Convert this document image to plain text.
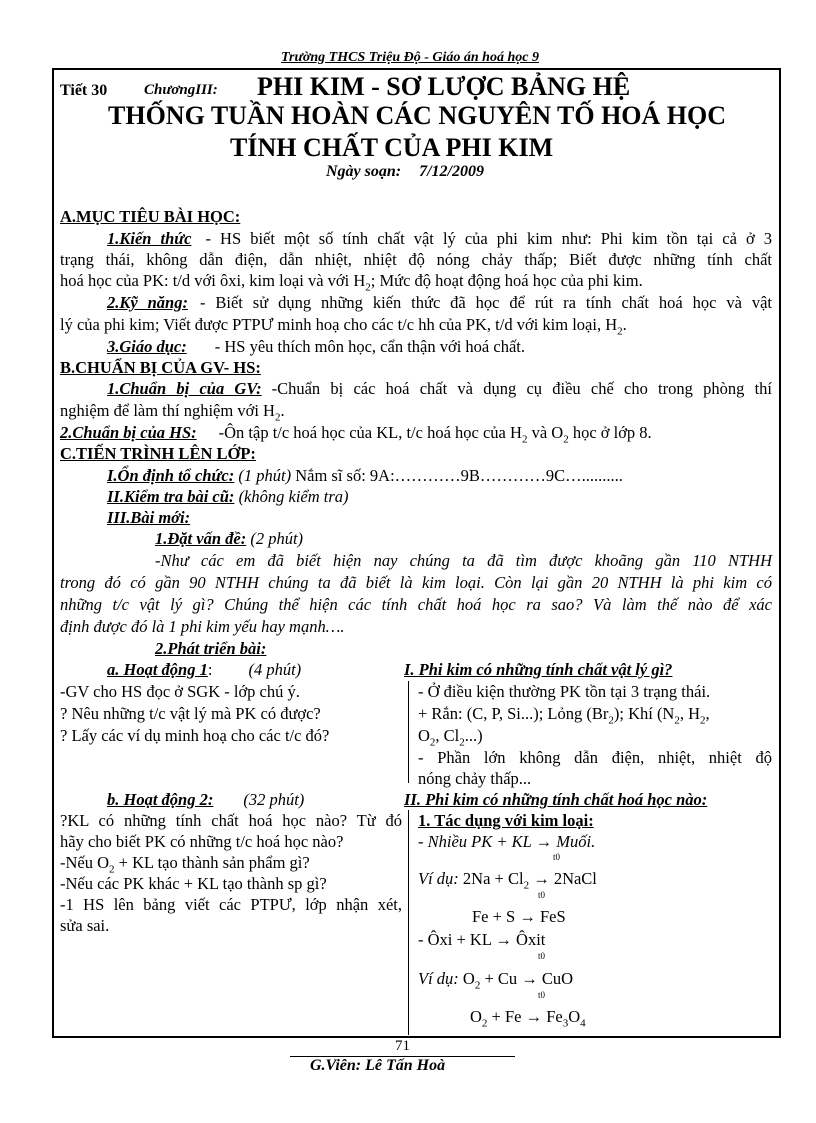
Trường THCS Triệu Độ - Giáo án hoá học 9
Tiết 30 ChươngIII: PHI KIM - SƠ LƯỢC BẢNG HỆ
THỐNG TUẦN HOÀN CÁC NGUYÊN TỐ HOÁ HỌC
TÍNH CHẤT CỦA PHI KIM
Ngày soạn: 7/12/2009
A.MỤC TIÊU BÀI HỌC:
1.Kiến thức - HS biết một số tính chất vật lý của phi kim như: Phi kim tồn tại cả ở 3
trạng thái, không dẫn điện, dẫn nhiệt, nhiệt độ nóng chảy thấp; Biết được những tính chất
hoá học của PK: t/d với ôxi, kim loại và với $H_2$; Mức độ hoạt động hoá học của phi kim.
2.Kỹ năng: - Biết sử dụng những kiến thức đã học để rút ra tính chất hoá học và vật
lý của phi kim; Viết được PTPƯ minh hoạ cho các t/c hh của PK, t/d với kim loại, $H_2$.
3.Giáo dục: - HS yêu thích môn học, cẩn thận với hoá chất.
B.CHUẨN BỊ CỦA GV- HS:
1.Chuẩn bị của GV: -Chuẩn bị các hoá chất và dụng cụ điều chế cho trong phòng thí
nghiệm để làm thí nghiệm với $H_2$.
2.Chuẩn bị của HS: -Ôn tập t/c hoá học của KL, t/c hoá học của $H_2$ và $O_2$ học ở lớp 8.
C.TIẾN TRÌNH LÊN LỚP:
I.Ổn định tổ chức: (1 phút) Nắm sĩ số: 9A:…………9B…………9C…..........
II.Kiểm tra bài cũ: (không kiểm tra)
III.Bài mới:
1.Đặt vấn đề: (2 phút)
-Như các em đã biết hiện nay chúng ta đã tìm được khoãng gần 110 NTHH
trong đó có gần 90 NTHH chúng ta đã biết là kim loại. Còn lại gần 20 NTHH là phi kim có
những t/c vật lý gì? Chúng thể hiện các tính chất hoá học ra sao? Và làm thế nào để xác
định được đó là 1 phi kim yếu hay mạnh….
2.Phát triển bài:
a. Hoạt động 1: (4 phút)	I. Phi kim có những tính chất vật lý gì?
-GV cho HS đọc ở SGK - lớp chú ý.
? Nêu những t/c vật lý mà PK có được?
? Lấy các ví dụ minh hoạ cho các t/c đó?
- Ở điều kiện thường PK tồn tại 3 trạng thái.
+ Rắn: (C, P, Si...); Lỏng $(Br_2)$; Khí ($N_2$, $H_2$,
$O_2$, $Cl_2$...)
- Phần lớn không dẫn điện, nhiệt, nhiệt độ
nóng chảy thấp...
b. Hoạt động 2: (32 phút)	II. Phi kim có những tính chất hoá học nào:
?KL có những tính chất hoá học nào? Từ đó
hãy cho biết PK có những t/c hoá học nào?
-Nếu $O_2$ + KL tạo thành sản phẩm gì?
-Nếu các PK khác + KL tạo thành sp gì?
-1 HS lên bảng viết các PTPƯ, lớp nhận xét,
sửa sai.
1. Tác dụng với kim loại:
- Nhiều PK + KL → Muối.
t0
Ví dụ: $2Na + Cl_2$ → 2NaCl
t0
Fe + S → FeS
- Ôxi + KL → Ôxit
t0
Ví dụ: $O_2 + Cu$ → CuO
t0
$O_2 + Fe \to Fe_3O_4$
71
G.Viên: Lê Tấn Hoà
